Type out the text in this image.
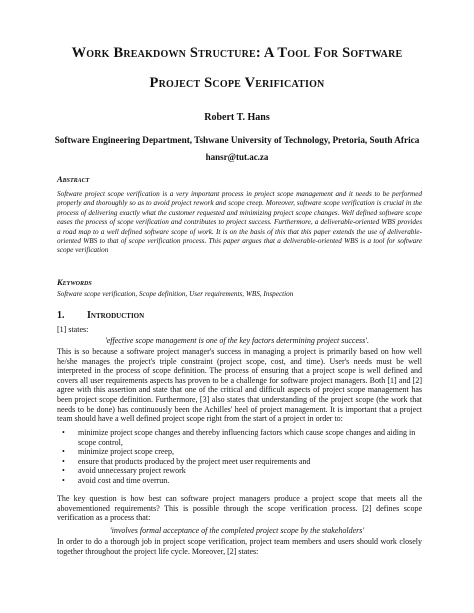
Work Breakdown Structure: A Tool For Software
Project Scope Verification
Robert T. Hans
Software Engineering Department, Tshwane University of Technology, Pretoria, South Africa
hansr@tut.ac.za
Abstract
Software project scope verification is a very important process in project scope management and it needs to be performed properly and thoroughly so as to avoid project rework and scope creep. Moreover, software scope verification is crucial in the process of delivering exactly what the customer requested and minimizing project scope changes. Well defined software scope eases the process of scope verification and contributes to project success. Furthermore, a deliverable-oriented WBS provides a road map to a well defined software scope of work. It is on the basis of this that this paper extends the use of deliverable-oriented WBS to that of scope verification process. This paper argues that a deliverable-oriented WBS is a tool for software scope verification
Keywords
Software scope verification, Scope definition, User requirements, WBS, Inspection
1. Introduction
[1] states:
'effective scope management is one of the key factors determining project success'.
This is so because a software project manager's success in managing a project is primarily based on how well he/she manages the project's triple constraint (project scope, cost, and time). User's needs must be well interpreted in the process of scope definition. The process of ensuring that a project scope is well defined and covers all user requirements aspects has proven to be a challenge for software project managers. Both [1] and [2] agree with this assertion and state that one of the critical and difficult aspects of project scope management has been project scope definition. Furthermore, [3] also states that understanding of the project scope (the work that needs to be done) has continuously been the Achilles' heel of project management. It is important that a project team should have a well defined project scope right from the start of a project in order to:
• minimize project scope changes and thereby influencing factors which cause scope changes and aiding in scope control,
• minimize project scope creep,
• ensure that products produced by the project meet user requirements and
• avoid unnecessary project rework
• avoid cost and time overrun.
The key question is how best can software project managers produce a project scope that meets all the abovementioned requirements? This is possible through the scope verification process. [2] defines scope verification as a process that:
'involves formal acceptance of the completed project scope by the stakeholders'
In order to do a thorough job in project scope verification, project team members and users should work closely together throughout the project life cycle. Moreover, [2] states:
